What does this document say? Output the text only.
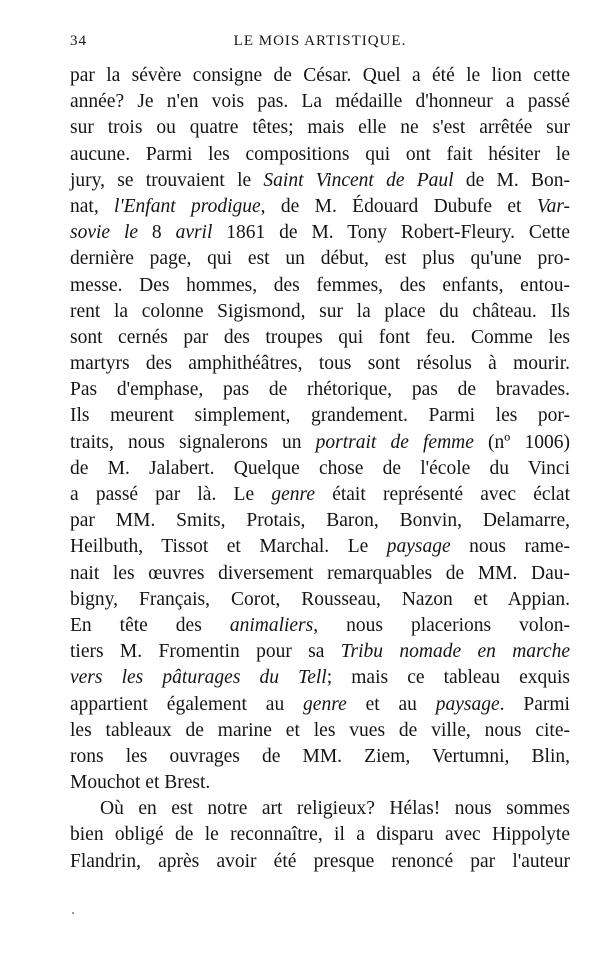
34	LE MOIS ARTISTIQUE.
par la sévère consigne de César. Quel a été le lion cette
année? Je n'en vois pas. La médaille d'honneur a passé
sur trois ou quatre têtes; mais elle ne s'est arrêtée sur
aucune. Parmi les compositions qui ont fait hésiter le
jury, se trouvaient le Saint Vincent de Paul de M. Bon-
nat, l'Enfant prodigue, de M. Édouard Dubufe et Var-
sovie le 8 avril 1861 de M. Tony Robert-Fleury. Cette
dernière page, qui est un début, est plus qu'une pro-
messe. Des hommes, des femmes, des enfants, entou-
rent la colonne Sigismond, sur la place du château. Ils
sont cernés par des troupes qui font feu. Comme les
martyrs des amphithéâtres, tous sont résolus à mourir.
Pas d'emphase, pas de rhétorique, pas de bravades.
Ils meurent simplement, grandement. Parmi les por-
traits, nous signalerons un portrait de femme (nº 1006)
de M. Jalabert. Quelque chose de l'école du Vinci
a passé par là. Le genre était représenté avec éclat
par MM. Smits, Protais, Baron, Bonvin, Delamarre,
Heilbuth, Tissot et Marchal. Le paysage nous rame-
nait les œuvres diversement remarquables de MM. Dau-
bigny, Français, Corot, Rousseau, Nazon et Appian.
En tête des animaliers, nous placerions volon-
tiers M. Fromentin pour sa Tribu nomade en marche
vers les pâturages du Tell; mais ce tableau exquis
appartient également au genre et au paysage. Parmi
les tableaux de marine et les vues de ville, nous cite-
rons les ouvrages de MM. Ziem, Vertumni, Blin,
Mouchot et Brest.
Où en est notre art religieux? Hélas! nous sommes
bien obligé de le reconnaître, il a disparu avec Hippolyte
Flandrin, après avoir été presque renoncé par l'auteur
